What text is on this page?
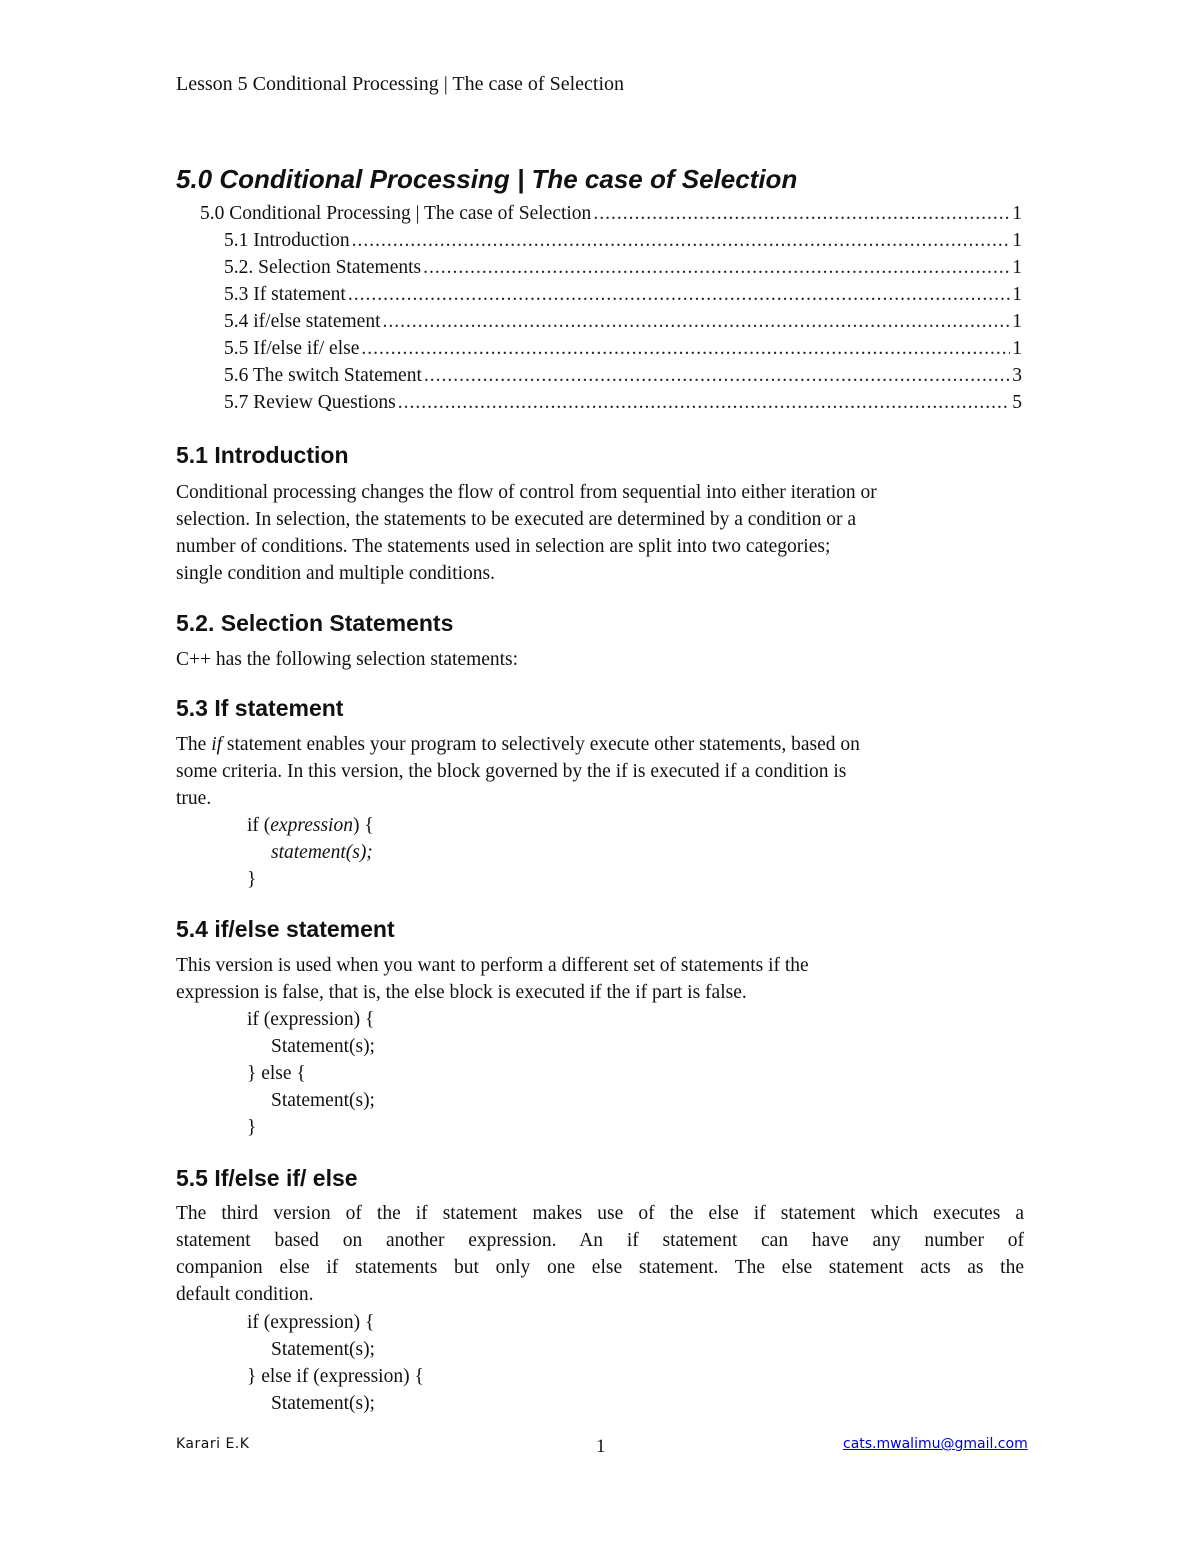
Lesson 5 Conditional Processing | The case of Selection
5.0 Conditional Processing | The case of Selection
5.0 Conditional Processing | The case of Selection .....	1
5.1 Introduction .....	1
5.2. Selection Statements .....	1
5.3 If statement .....	1
5.4 if/else statement .....	1
5.5 If/else if/ else .....	1
5.6 The switch Statement .....	3
5.7 Review Questions .....	5
5.1 Introduction
Conditional processing changes the flow of control from sequential into either iteration or
selection. In selection, the statements to be executed are determined by a condition or a
number of conditions. The statements used in selection are split into two categories;
single condition and multiple conditions.
5.2. Selection Statements
C++ has the following selection statements:
5.3 If statement
The if statement enables your program to selectively execute other statements, based on
some criteria. In this version, the block governed by the if is executed if a condition is
true.
if (expression) {
statement(s);
}
5.4 if/else statement
This version is used when you want to perform a different set of statements if the
expression is false, that is, the else block is executed if the if part is false.
if (expression) {
Statement(s);
} else {
Statement(s);
}
5.5 If/else if/ else
The third version of the if statement makes use of the else if statement which executes a
statement based on another expression. An if statement can have any number of
companion else if statements but only one else statement. The else statement acts as the
default condition.
if (expression) {
Statement(s);
} else if (expression) {
Statement(s);
Karari E.K	1	cats.mwalimu@gmail.com
